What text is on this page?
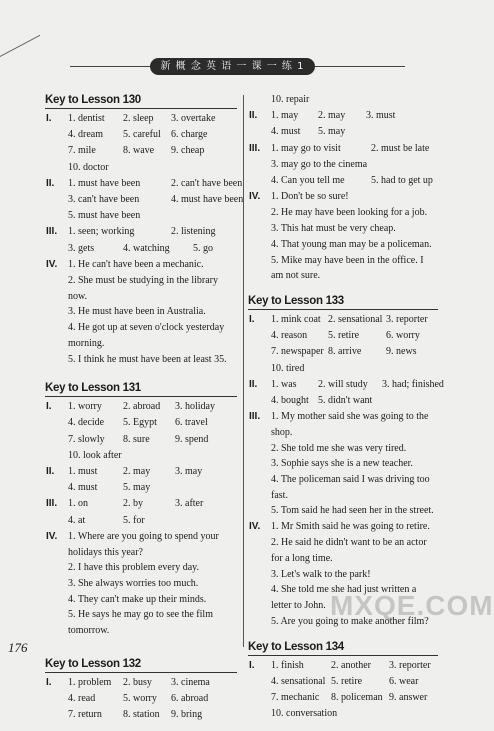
新 概 念 英 语 一 课 一 练 1
Key to Lesson 130
I.	1. dentist	2. sleep	3. overtake
4. dream	5. careful	6. charge
7. mile	8. wave	9. cheap
10. doctor
II.	1. must have been	2. can't have been
3. can't have been	4. must have been
5. must have been
III.	1. seen; working	2. listening
3. gets	4. watching	5. go
IV.	1. He can't have been a mechanic.
2. She must be studying in the library now.
3. He must have been in Australia.
4. He got up at seven o'clock yesterday morning.
5. I think he must have been at least 35.
Key to Lesson 131
I.	1. worry	2. abroad	3. holiday
4. decide	5. Egypt	6. travel
7. slowly	8. sure	9. spend
10. look after
II.	1. must	2. may	3. may
4. must	5. may
III.	1. on	2. by	3. after
4. at	5. for
IV.	1. Where are you going to spend your holidays this year?
2. I have this problem every day.
3. She always worries too much.
4. They can't make up their minds.
5. He says he may go to see the film tomorrow.
Key to Lesson 132
I.	1. problem	2. busy	3. cinema
4. read	5. worry	6. abroad
7. return	8. station	9. bring
10. repair
II.	1. may	2. may	3. must
4. must	5. may
III.	1. may go to visit	2. must be late
3. may go to the cinema
4. Can you tell me	5. had to get up
IV.	1. Don't be so sure!
2. He may have been looking for a job.
3. This hat must be very cheap.
4. That young man may be a policeman.
5. Mike may have been in the office. I am not sure.
Key to Lesson 133
I.	1. mink coat 2. sensational 3. reporter
4. reason	5. retire	6. worry
7. newspaper 8. arrive	9. news
10. tired
II.	1. was	2. will study	3. had; finished
4. bought 5. didn't want
III.	1. My mother said she was going to the shop.
2. She told me she was very tired.
3. Sophie says she is a new teacher.
4. The policeman said I was driving too fast.
5. Tom said he had seen her in the street.
IV.	1. Mr Smith said he was going to retire.
2. He said he didn't want to be an actor for a long time.
3. Let's walk to the park!
4. She told me she had just written a letter to John.
5. Are you going to make another film?
Key to Lesson 134
I.	1. finish	2. another	3. reporter
4. sensational 5. retire	6. wear
7. mechanic	8. policeman 9. answer
10. conversation
MXQE.COM
176
